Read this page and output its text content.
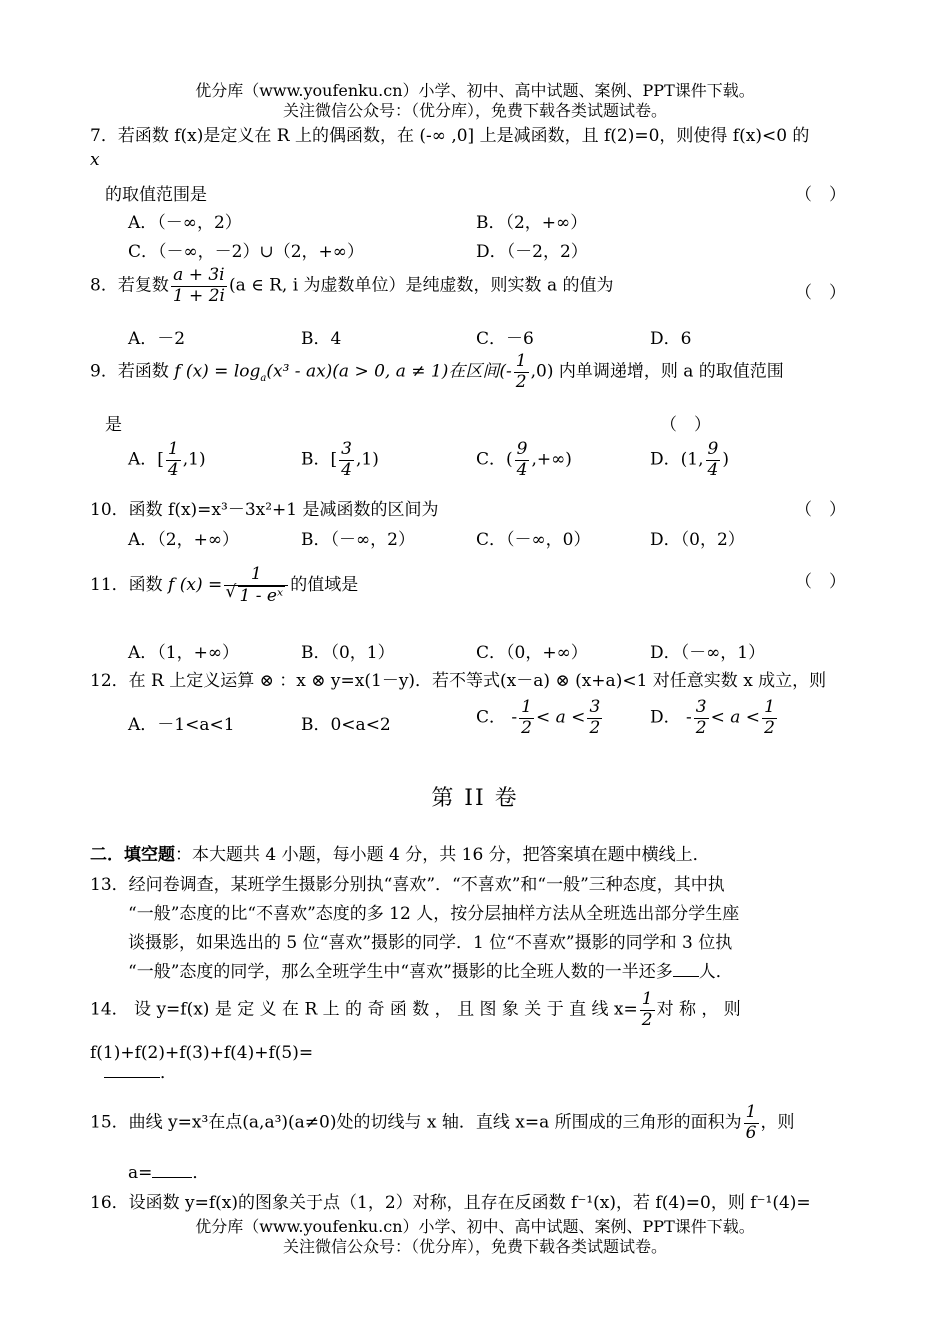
优分库（www.youfenku.cn）小学、初中、高中试题、案例、PPT课件下载。
关注微信公众号：（优分库），免费下载各类试题试卷。
7．若函数 f(x)是定义在 R 上的偶函数，在 (-∞ ,0] 上是减函数，且 f(2)=0，则使得 f(x)<0 的
x
的取值范围是	（　）
A．（－∞，2）	B．（2，+∞）
C．（－∞，－2）∪（2，+∞）	D．（－2，2）
8．若复数 $\frac{a + 3i}{1 + 2i} (a$ ∈ R, i 为虚数单位）是纯虚数，则实数 a 的值为	（　）
A．－2	B．4	C．－6	D．6
9．若函数 f $(x) = \log_a(x^3 - ax)(a > 0$, a ≠ 1)在区间(- $\frac{1}{2} ,0$) 内单调递增，则 a 的取值范围
是	（　）
A．[ $\frac{1}{4} ,1$)	B．[ $\frac{3}{4} ,1$)	C．( $\frac{9}{4}$ ,+∞)	D．(1, $\frac{9}{4}$ )
10．函数 f(x)=x³－3x²+1 是减函数的区间为	（　）
A．（2，+∞）	B．（－∞，2）	C．（－∞，0）	D．（0，2）
11．函数 f (x) = 1
√ 1 - eˣ 的值域是	（　）
A．（1，+∞）	B．（0，1）	C．（0，+∞）	D．（－∞，1）
12．在 R 上定义运算 ⊗ ：x ⊗ y=x(1－y)．若不等式(x－a) ⊗ (x+a)<1 对任意实数 x 成立，则
A．－1<a<1	B．0<a<2	C． - $\frac{1}{2} < a < \frac{3}{2}$	D． - $\frac{3}{2} < a < \frac{1}{2}$
第 II 卷
二．填空题：本大题共 4 小题，每小题 4 分，共 16 分，把答案填在题中横线上．
13．经问卷调查，某班学生摄影分别执“喜欢”．“不喜欢”和“一般”三种态度，其中执
“一般”态度的比“不喜欢”态度的多 12 人，按分层抽样方法从全班选出部分学生座
谈摄影，如果选出的 5 位“喜欢”摄影的同学．1 位“不喜欢”摄影的同学和 3 位执
“一般”态度的同学，那么全班学生中“喜欢”摄影的比全班人数的一半还多 人．
14． 设 y=f(x) 是 定 义 在 R 上 的 奇 函 数 ， 且 图 象 关 于 直 线 $x= \frac{1}{2}$ 对 称 ， 则
f(1)+f(2)+f(3)+f(4)+f(5)=
．
15．曲线 y=x³在点(a,a³)(a≠0)处的切线与 x 轴．直线 x=a 所围成的三角形的面积为 $\frac{1}{6}$ ，则
a= ．
16．设函数 y=f(x)的图象关于点（1，2）对称，且存在反函数 f⁻¹(x)，若 f(4)=0，则 f⁻¹(4)=
优分库（www.youfenku.cn）小学、初中、高中试题、案例、PPT课件下载。
关注微信公众号：（优分库），免费下载各类试题试卷。
